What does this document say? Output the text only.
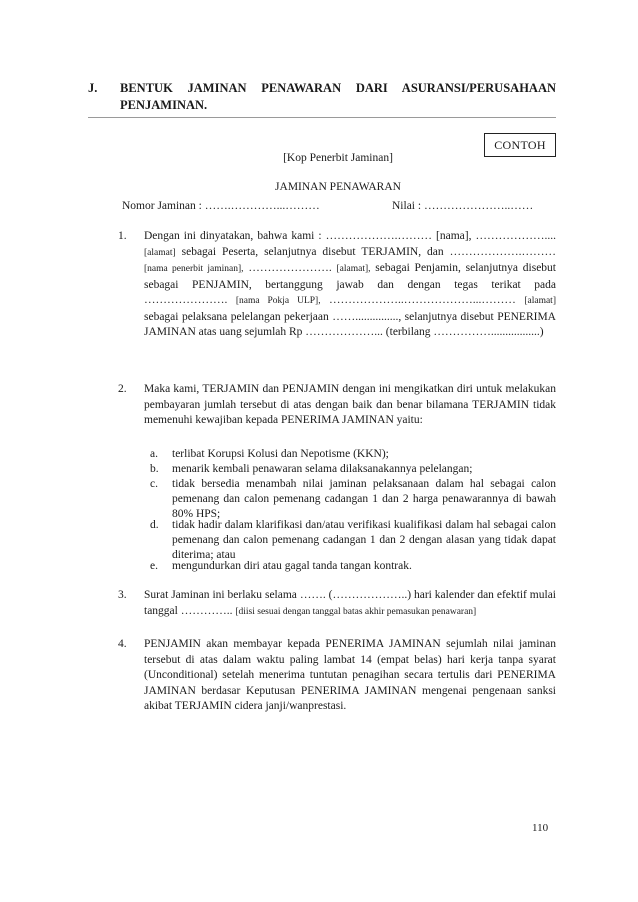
J. BENTUK JAMINAN PENAWARAN DARI ASURANSI/PERUSAHAAN
PENJAMINAN.
CONTOH
[Kop Penerbit Jaminan]
JAMINAN PENAWARAN
Nomor Jaminan : …….…………...………	Nilai : …………………..……
1. Dengan ini dinyatakan, bahwa kami : ……………….……… [nama], ……………….... [alamat] sebagai Peserta, selanjutnya disebut TERJAMIN, dan ……………….……… [nama penerbit jaminan], …………………. [alamat], sebagai Penjamin, selanjutnya disebut sebagai PENJAMIN, bertanggung jawab dan dengan tegas terikat pada …………………. [nama Pokja ULP], ………………..………………...……… [alamat] sebagai pelaksana pelelangan pekerjaan ……..............., selanjutnya disebut PENERIMA JAMINAN atas uang sejumlah Rp ………………... (terbilang …………….................)
2. Maka kami, TERJAMIN dan PENJAMIN dengan ini mengikatkan diri untuk melakukan pembayaran jumlah tersebut di atas dengan baik dan benar bilamana TERJAMIN tidak memenuhi kewajiban kepada PENERIMA JAMINAN yaitu:
a. terlibat Korupsi Kolusi dan Nepotisme (KKN);
b. menarik kembali penawaran selama dilaksanakannya pelelangan;
c. tidak bersedia menambah nilai jaminan pelaksanaan dalam hal sebagai calon pemenang dan calon pemenang cadangan 1 dan 2 harga penawarannya di bawah 80% HPS;
d. tidak hadir dalam klarifikasi dan/atau verifikasi kualifikasi dalam hal sebagai calon pemenang dan calon pemenang cadangan 1 dan 2 dengan alasan yang tidak dapat diterima; atau
e. mengundurkan diri atau gagal tanda tangan kontrak.
3. Surat Jaminan ini berlaku selama ……. (………………..) hari kalender dan efektif mulai tanggal ………….. [diisi sesuai dengan tanggal batas akhir pemasukan penawaran]
4. PENJAMIN akan membayar kepada PENERIMA JAMINAN sejumlah nilai jaminan tersebut di atas dalam waktu paling lambat 14 (empat belas) hari kerja tanpa syarat (Unconditional) setelah menerima tuntutan penagihan secara tertulis dari PENERIMA JAMINAN berdasar Keputusan PENERIMA JAMINAN mengenai pengenaan sanksi akibat TERJAMIN cidera janji/wanprestasi.
110
